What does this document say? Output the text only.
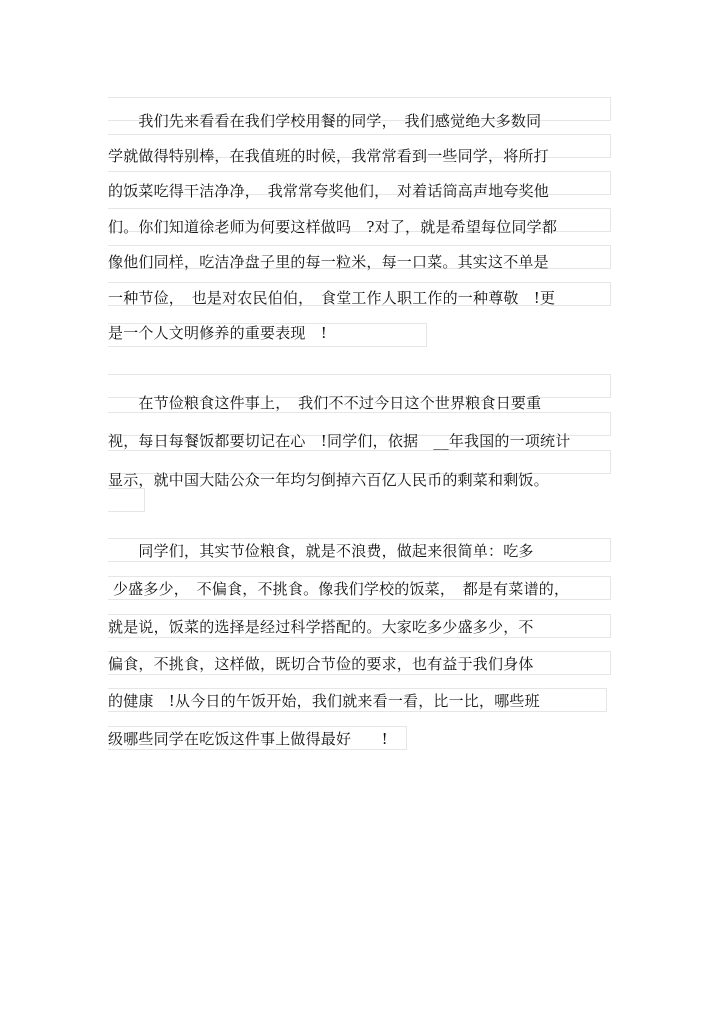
　　我们先来看看在我们学校用餐的同学，　我们感觉绝大多数同
学就做得特别棒，在我值班的时候，我常常看到一些同学，将所打
的饭菜吃得干洁净净，　我常常夸奖他们，　对着话筒高声地夸奖他
们。你们知道徐老师为何要这样做吗　?对了，就是希望每位同学都
像他们同样，吃洁净盘子里的每一粒米，每一口菜。其实这不单是
一种节俭，　也是对农民伯伯，　食堂工作人职工作的一种尊敬　!更
是一个人文明修养的重要表现　!
　　在节俭粮食这件事上，　我们不不过今日这个世界粮食日要重
视，每日每餐饭都要切记在心　!同学们，依据　__年我国的一项统计
显示，就中国大陆公众一年均匀倒掉六百亿人民币的剩菜和剩饭。
　　同学们，其实节俭粮食，就是不浪费，做起来很简单：吃多
少盛多少，　不偏食，不挑食。像我们学校的饭菜，　都是有菜谱的，
就是说，饭菜的选择是经过科学搭配的。大家吃多少盛多少，不
偏食，不挑食，这样做，既切合节俭的要求，也有益于我们身体
的健康　!从今日的午饭开始，我们就来看一看，比一比，哪些班
级哪些同学在吃饭这件事上做得最好　　!
